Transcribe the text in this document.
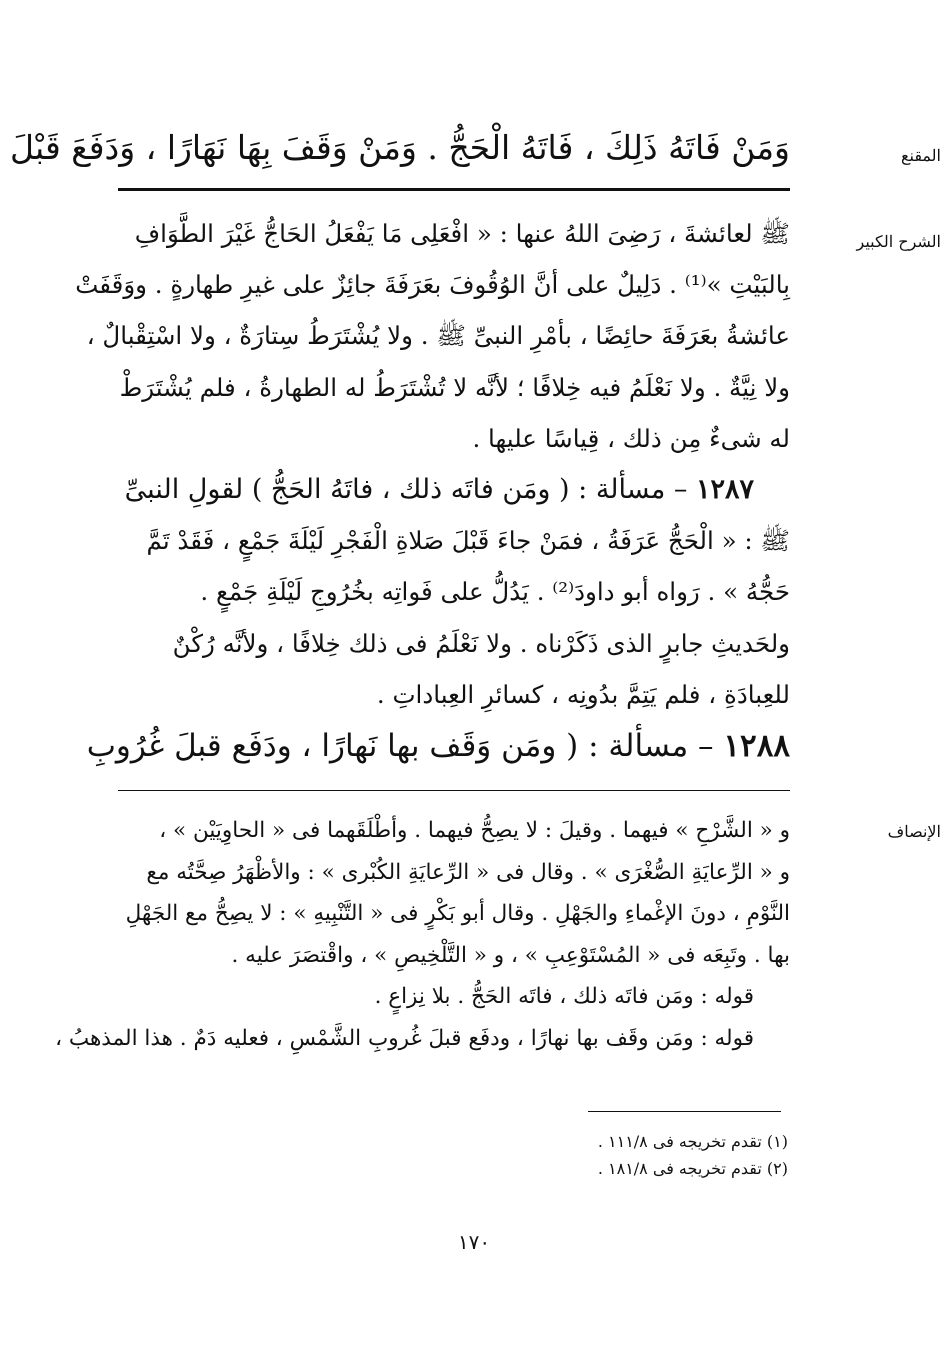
المقنع
وَمَنْ فَاتَهُ ذَلِكَ ، فَاتَهُ الْحَجُّ . وَمَنْ وَقَفَ بِهَا نَهَارًا ، وَدَفَعَ قَبْلَ
الشرح الكبير
ﷺ لعائشةَ ، رَضِىَ اللهُ عنها : « افْعَلِى مَا يَفْعَلُ الحَاجُّ غَيْرَ الطَّوَافِ
بِالبَيْتِ »⁽¹⁾ . دَلِيلٌ على أنَّ الوُقُوفَ بعَرَفَةَ جائِزٌ على غيرِ طهارةٍ . ووَقَفَتْ
عائشةُ بعَرَفَةَ حائِضًا ، بأمْرِ النبىِّ ﷺ . ولا يُشْتَرَطُ سِتارَةٌ ، ولا اسْتِقْبالٌ ،
ولا نِيَّةٌ . ولا نَعْلَمُ فيه خِلافًا ؛ لأنَّه لا تُشْتَرَطُ له الطهارةُ ، فلم يُشْتَرَطْ
له شىءٌ مِن ذلك ، قِياسًا عليها .
١٢٨٧ – مسألة : ( ومَن فاتَه ذلك ، فاتَهُ الحَجُّ ) لقولِ النبىِّ
ﷺ : « الْحَجُّ عَرَفَةُ ، فمَنْ جاءَ قَبْلَ صَلاةِ الْفَجْرِ لَيْلَةَ جَمْعٍ ، فَقَدْ تَمَّ
حَجُّهُ » . رَواه أبو داودَ⁽²⁾ . يَدُلُّ على فَواتِه بخُرُوجِ لَيْلَةِ جَمْعٍ .
ولحَديثِ جابرٍ الذى ذَكَرْناه . ولا نَعْلَمُ فى ذلك خِلافًا ، ولأنَّه رُكْنٌ
للعِبادَةِ ، فلم يَتِمَّ بدُونِه ، كسائرِ العِباداتِ .
١٢٨٨ – مسألة : ( ومَن وَقَف بها نَهارًا ، ودَفَع قبلَ غُرُوبِ
الإنصاف
و « الشَّرْحِ » فيهما . وقيلَ : لا يصِحُّ فيهما . وأطْلَقَهما فى « الحاوِيَيْن » ،
و « الرِّعايَةِ الصُّغْرَى » . وقال فى « الرِّعايَةِ الكُبْرى » : والأظْهَرُ صِحَّتُه مع
النَّوْمِ ، دونَ الإغْماءِ والجَهْلِ . وقال أبو بَكْرٍ فى « التَّنْبِيهِ » : لا يصِحُّ مع الجَهْلِ
بها . وتَبِعَه فى « المُسْتَوْعِبِ » ، و « التَّلْخِيصِ » ، واقْتصَرَ عليه .
قوله : ومَن فاتَه ذلك ، فاتَه الحَجُّ . بلا نِزاعٍ .
قوله : ومَن وقَف بها نهارًا ، ودفَع قبلَ غُروبِ الشَّمْسِ ، فعليه دَمٌ . هذا المذهبُ ،
(١) تقدم تخريجه فى ١١١/٨ .
(٢) تقدم تخريجه فى ١٨١/٨ .
١٧٠
